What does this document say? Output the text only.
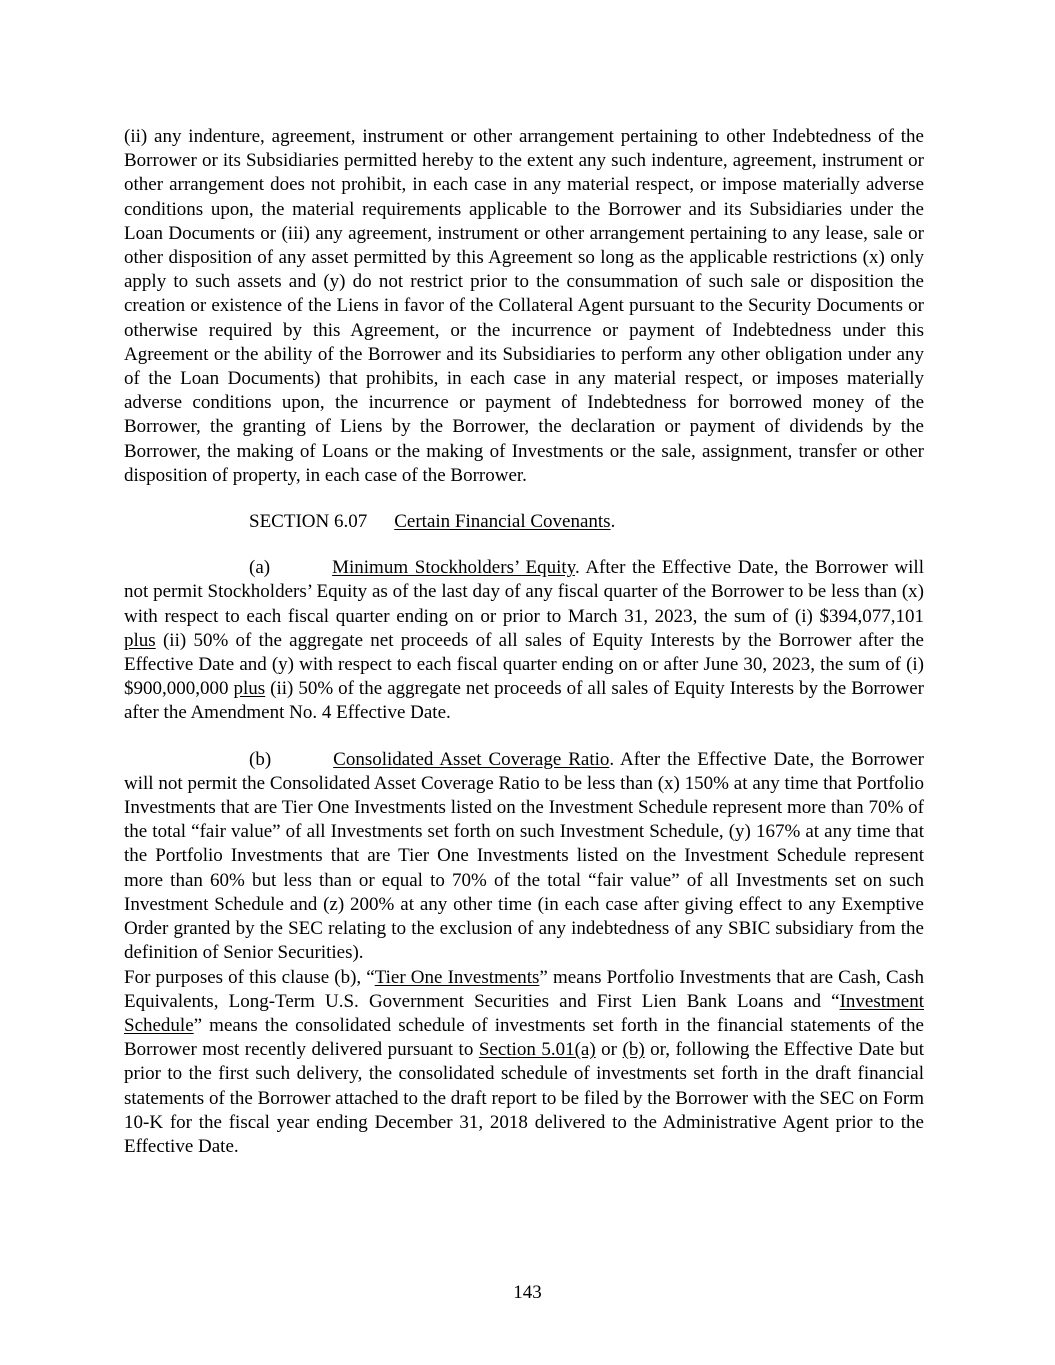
(ii) any indenture, agreement, instrument or other arrangement pertaining to other Indebtedness of the Borrower or its Subsidiaries permitted hereby to the extent any such indenture, agreement, instrument or other arrangement does not prohibit, in each case in any material respect, or impose materially adverse conditions upon, the material requirements applicable to the Borrower and its Subsidiaries under the Loan Documents or (iii) any agreement, instrument or other arrangement pertaining to any lease, sale or other disposition of any asset permitted by this Agreement so long as the applicable restrictions (x) only apply to such assets and (y) do not restrict prior to the consummation of such sale or disposition the creation or existence of the Liens in favor of the Collateral Agent pursuant to the Security Documents or otherwise required by this Agreement, or the incurrence or payment of Indebtedness under this Agreement or the ability of the Borrower and its Subsidiaries to perform any other obligation under any of the Loan Documents) that prohibits, in each case in any material respect, or imposes materially adverse conditions upon, the incurrence or payment of Indebtedness for borrowed money of the Borrower, the granting of Liens by the Borrower, the declaration or payment of dividends by the Borrower, the making of Loans or the making of Investments or the sale, assignment, transfer or other disposition of property, in each case of the Borrower.

SECTION 6.07 Certain Financial Covenants.

(a)	Minimum Stockholders’ Equity. After the Effective Date, the Borrower will not permit Stockholders’ Equity as of the last day of any fiscal quarter of the Borrower to be less than (x) with respect to each fiscal quarter ending on or prior to March 31, 2023, the sum of (i) $394,077,101 plus (ii) 50% of the aggregate net proceeds of all sales of Equity Interests by the Borrower after the Effective Date and (y) with respect to each fiscal quarter ending on or after June 30, 2023, the sum of (i) $900,000,000 plus (ii) 50% of the aggregate net proceeds of all sales of Equity Interests by the Borrower after the Amendment No. 4 Effective Date.

(b)	Consolidated Asset Coverage Ratio. After the Effective Date, the Borrower will not permit the Consolidated Asset Coverage Ratio to be less than (x) 150% at any time that Portfolio Investments that are Tier One Investments listed on the Investment Schedule represent more than 70% of the total “fair value” of all Investments set forth on such Investment Schedule, (y) 167% at any time that the Portfolio Investments that are Tier One Investments listed on the Investment Schedule represent more than 60% but less than or equal to 70% of the total “fair value” of all Investments set on such Investment Schedule and (z) 200% at any other time (in each case after giving effect to any Exemptive Order granted by the SEC relating to the exclusion of any indebtedness of any SBIC subsidiary from the definition of Senior Securities).

For purposes of this clause (b), “Tier One Investments” means Portfolio Investments that are Cash, Cash Equivalents, Long-Term U.S. Government Securities and First Lien Bank Loans and “Investment Schedule” means the consolidated schedule of investments set forth in the financial statements of the Borrower most recently delivered pursuant to Section 5.01(a) or (b) or, following the Effective Date but prior to the first such delivery, the consolidated schedule of investments set forth in the draft financial statements of the Borrower attached to the draft report to be filed by the Borrower with the SEC on Form 10-K for the fiscal year ending December 31, 2018 delivered to the Administrative Agent prior to the Effective Date.

143
